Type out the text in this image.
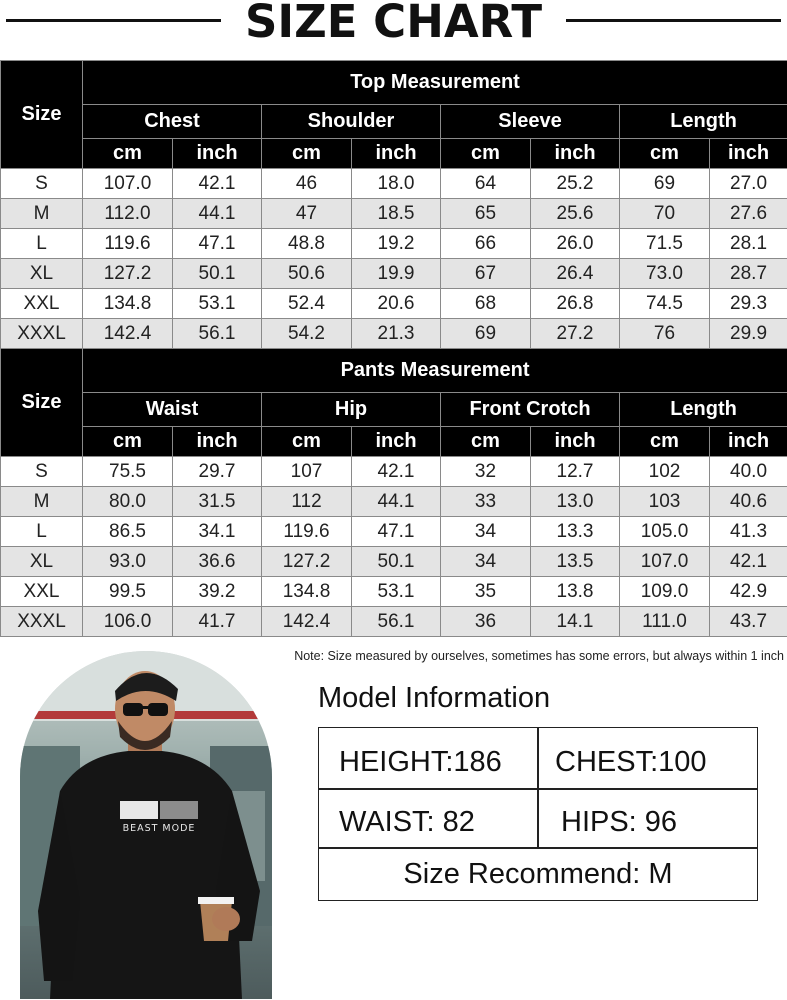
SIZE CHART
Size	Top Measurement							
	Chest		Shoulder		Sleeve		Length	
	cm	inch	cm	inch	cm	inch	cm	inch
S	107.0	42.1	46	18.0	64	25.2	69	27.0
M	112.0	44.1	47	18.5	65	25.6	70	27.6
L	119.6	47.1	48.8	19.2	66	26.0	71.5	28.1
XL	127.2	50.1	50.6	19.9	67	26.4	73.0	28.7
XXL	134.8	53.1	52.4	20.6	68	26.8	74.5	29.3
XXXL	142.4	56.1	54.2	21.3	69	27.2	76	29.9
Size	Pants Measurement							
	Waist		Hip		Front Crotch		Length	
	cm	inch	cm	inch	cm	inch	cm	inch
S	75.5	29.7	107	42.1	32	12.7	102	40.0
M	80.0	31.5	112	44.1	33	13.0	103	40.6
L	86.5	34.1	119.6	47.1	34	13.3	105.0	41.3
XL	93.0	36.6	127.2	50.1	34	13.5	107.0	42.1
XXL	99.5	39.2	134.8	53.1	35	13.8	109.0	42.9
XXXL	106.0	41.7	142.4	56.1	36	14.1	111.0	43.7
Note: Size measured by ourselves, sometimes has some errors, but always within 1 inch
BEAST MODE
Model Information
HEIGHT:186 CHEST:100
WAIST: 82	HIPS: 96
Size Recommend: M
